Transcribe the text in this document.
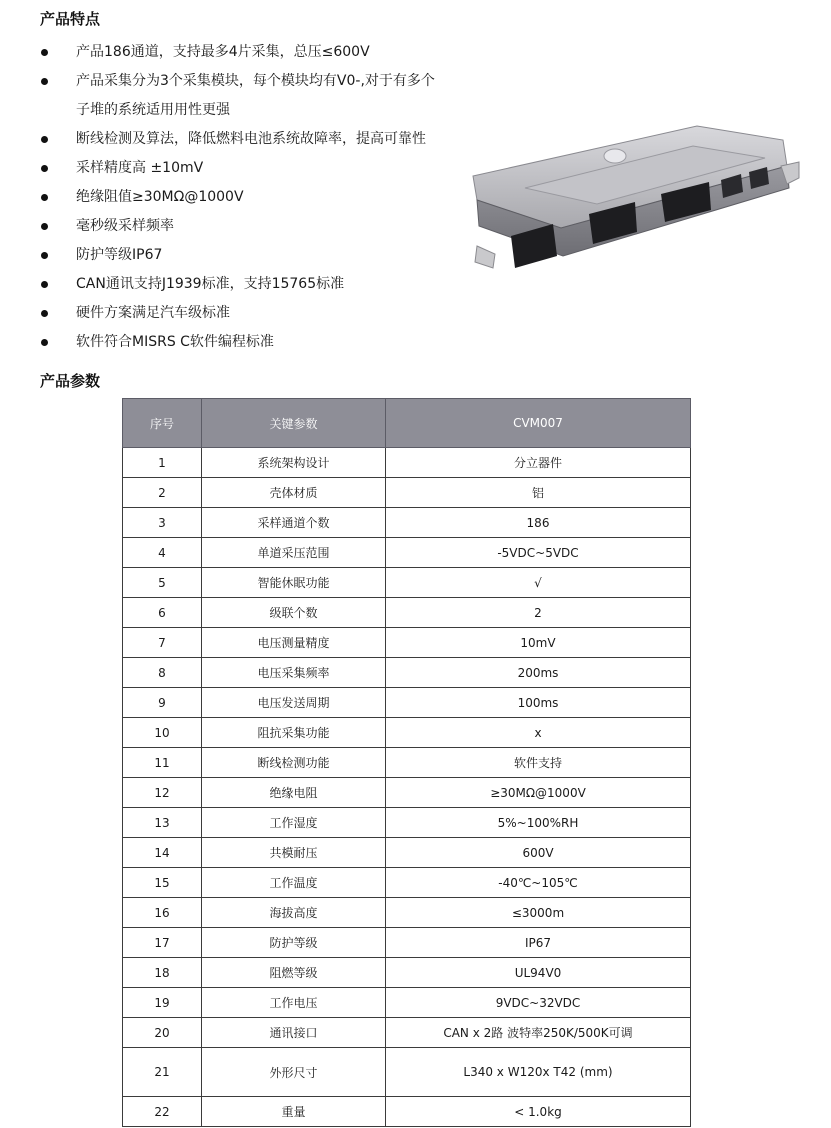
产品特点
产品186通道，支持最多4片采集，总压≤600V
产品采集分为3个采集模块，每个模块均有V0-,对于有多个
子堆的系统适用用性更强
断线检测及算法，降低燃料电池系统故障率，提高可靠性
采样精度高 ±10mV
绝缘阻值≥30MΩ@1000V
毫秒级采样频率
防护等级IP67
CAN通讯支持J1939标准，支持15765标准
硬件方案满足汽车级标准
软件符合MISRS C软件编程标准
产品参数
序号	关键参数	CVM007
1	系统架构设计	分立器件
2	壳体材质	铝
3	采样通道个数	186
4	单道采压范围	-5VDC~5VDC
5	智能休眠功能	√
6	级联个数	2
7	电压测量精度	10mV
8	电压采集频率	200ms
9	电压发送周期	100ms
10	阻抗采集功能	x
11	断线检测功能	软件支持
12	绝缘电阻	≥30MΩ@1000V
13	工作湿度	5%~100%RH
14	共模耐压	600V
15	工作温度	-40℃~105℃
16	海拔高度	≤3000m
17	防护等级	IP67
18	阻燃等级	UL94V0
19	工作电压	9VDC~32VDC
20	通讯接口	CAN x 2路 波特率250K/500K可调
21	外形尺寸	L340 x W120x T42 (mm)
22	重量	< 1.0kg
